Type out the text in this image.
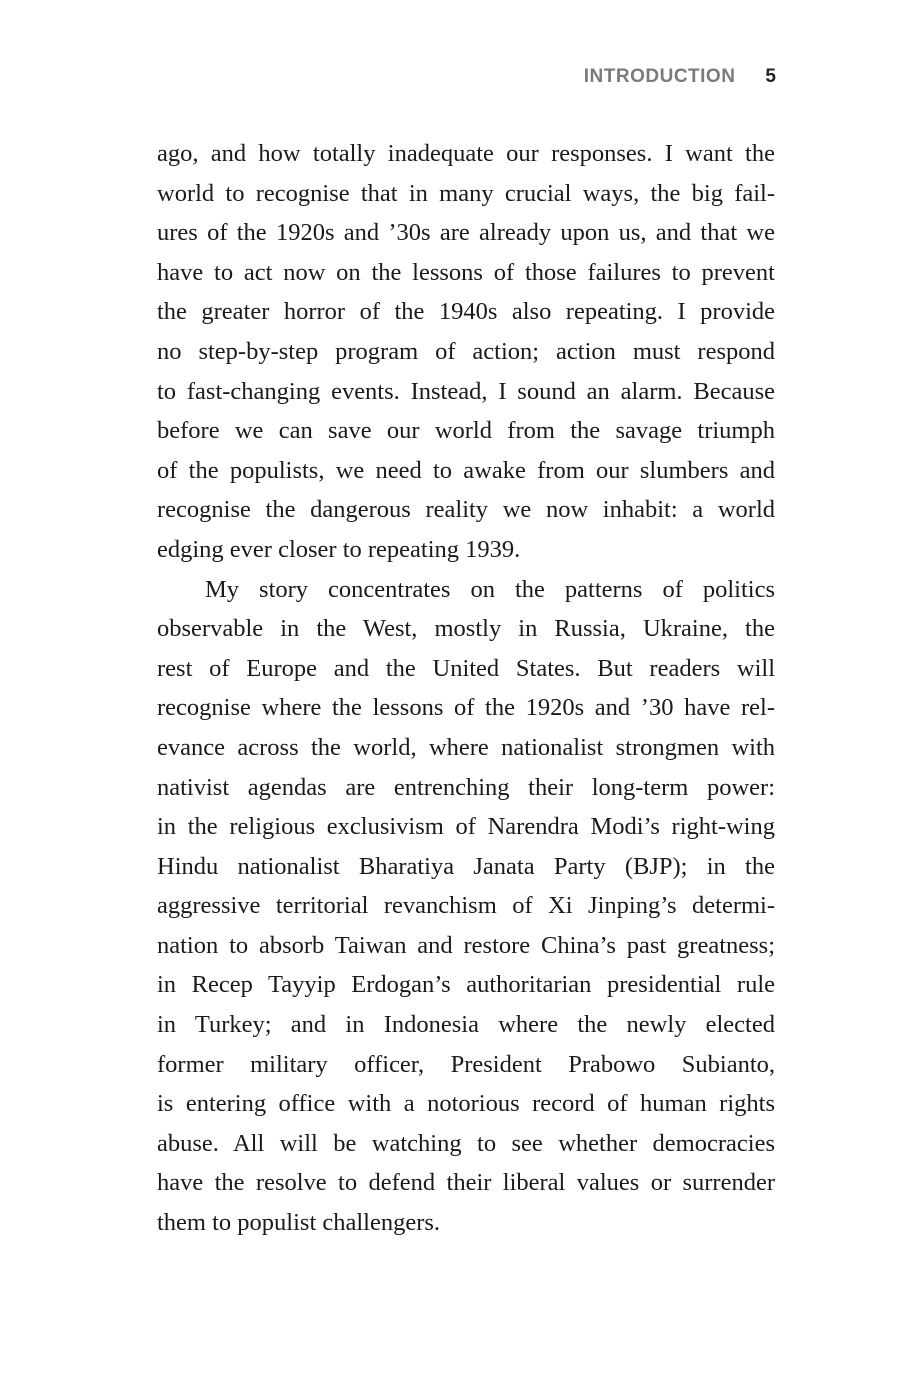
INTRODUCTION 5
ago, and how totally inadequate our responses. I want the
world to recognise that in many crucial ways, the big fail-
ures of the 1920s and ’30s are already upon us, and that we
have to act now on the lessons of those failures to prevent
the greater horror of the 1940s also repeating. I provide
no step-by-step program of action; action must respond
to fast-changing events. Instead, I sound an alarm. Because
before we can save our world from the savage triumph
of the populists, we need to awake from our slumbers and
recognise the dangerous reality we now inhabit: a world
edging ever closer to repeating 1939.
My story concentrates on the patterns of politics
observable in the West, mostly in Russia, Ukraine, the
rest of Europe and the United States. But readers will
recognise where the lessons of the 1920s and ’30 have rel-
evance across the world, where nationalist strongmen with
nativist agendas are entrenching their long-term power:
in the religious exclusivism of Narendra Modi’s right-wing
Hindu nationalist Bharatiya Janata Party (BJP); in the
aggressive territorial revanchism of Xi Jinping’s determi-
nation to absorb Taiwan and restore China’s past greatness;
in Recep Tayyip Erdogan’s authoritarian presidential rule
in Turkey; and in Indonesia where the newly elected
former military officer, President Prabowo Subianto,
is entering office with a notorious record of human rights
abuse. All will be watching to see whether democracies
have the resolve to defend their liberal values or surrender
them to populist challengers.
